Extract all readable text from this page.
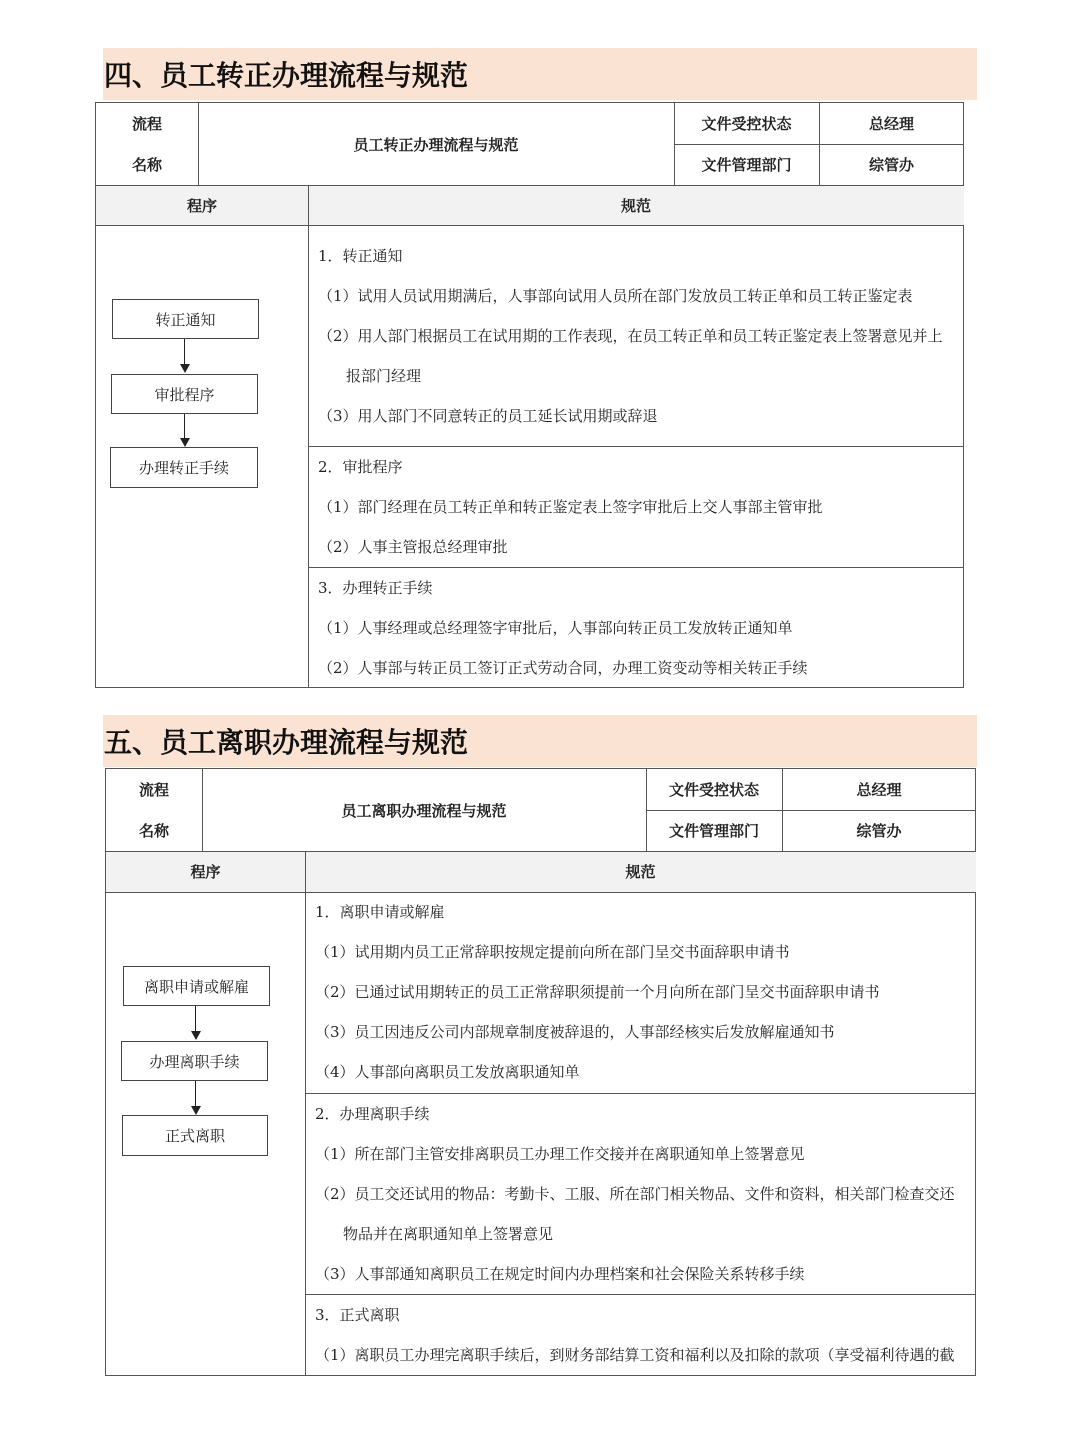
四、员工转正办理流程与规范
流程
名称
员工转正办理流程与规范
文件受控状态	总经理
文件管理部门	综管办
程序	规范
1．转正通知
（1）试用人员试用期满后，人事部向试用人员所在部门发放员工转正单和员工转正鉴定表
（2）用人部门根据员工在试用期的工作表现，在员工转正单和员工转正鉴定表上签署意见并上
报部门经理
（3）用人部门不同意转正的员工延长试用期或辞退
2．审批程序
（1）部门经理在员工转正单和转正鉴定表上签字审批后上交人事部主管审批
（2）人事主管报总经理审批
3．办理转正手续
（1）人事经理或总经理签字审批后，人事部向转正员工发放转正通知单
（2）人事部与转正员工签订正式劳动合同，办理工资变动等相关转正手续
转正通知
审批程序
办理转正手续
五、员工离职办理流程与规范
流程
名称
员工离职办理流程与规范
文件受控状态	总经理
文件管理部门	综管办
程序	规范
1．离职申请或解雇
（1）试用期内员工正常辞职按规定提前向所在部门呈交书面辞职申请书
（2）已通过试用期转正的员工正常辞职须提前一个月向所在部门呈交书面辞职申请书
（3）员工因违反公司内部规章制度被辞退的，人事部经核实后发放解雇通知书
（4）人事部向离职员工发放离职通知单
2．办理离职手续
（1）所在部门主管安排离职员工办理工作交接并在离职通知单上签署意见
（2）员工交还试用的物品：考勤卡、工服、所在部门相关物品、文件和资料，相关部门检查交还
物品并在离职通知单上签署意见
（3）人事部通知离职员工在规定时间内办理档案和社会保险关系转移手续
3．正式离职
（1）离职员工办理完离职手续后，到财务部结算工资和福利以及扣除的款项（享受福利待遇的截
离职申请或解雇
办理离职手续
正式离职
